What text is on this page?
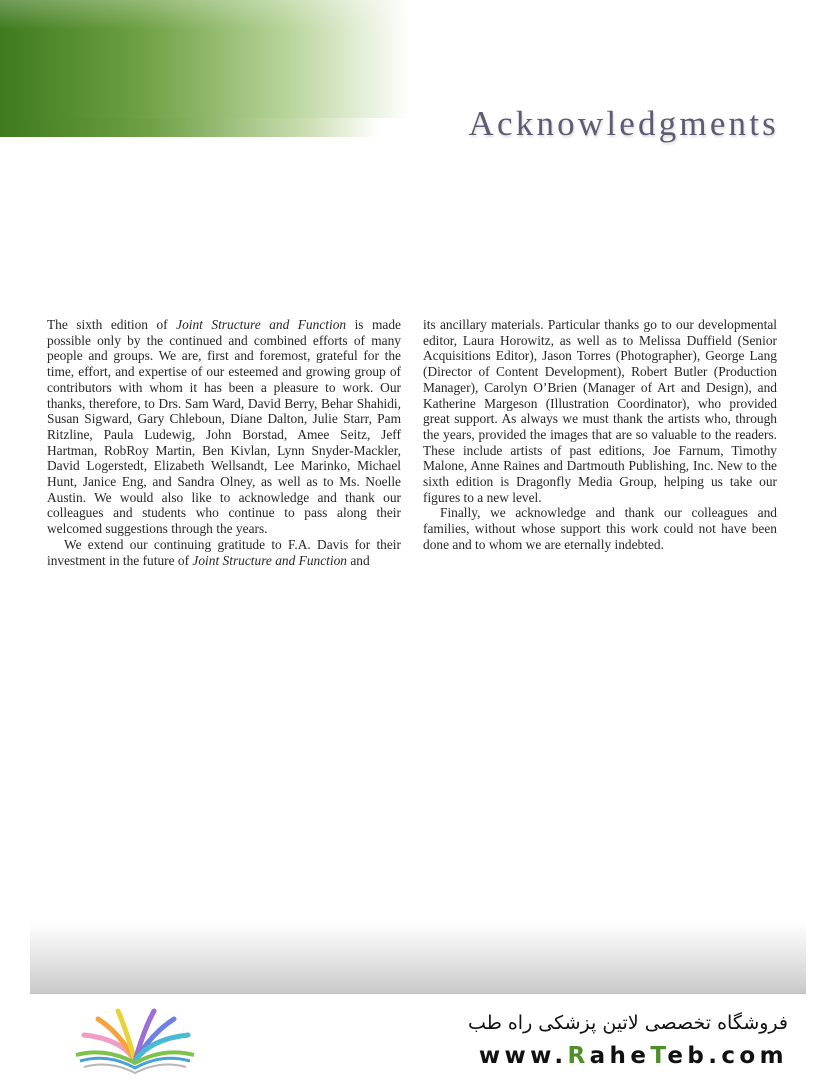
Acknowledgments

The sixth edition of Joint Structure and Function is made possible only by the continued and combined efforts of many people and groups. We are, first and foremost, grateful for the time, effort, and expertise of our esteemed and growing group of contributors with whom it has been a pleasure to work. Our thanks, therefore, to Drs. Sam Ward, David Berry, Behar Shahidi, Susan Sigward, Gary Chleboun, Diane Dalton, Julie Starr, Pam Ritzline, Paula Ludewig, John Borstad, Amee Seitz, Jeff Hartman, RobRoy Martin, Ben Kivlan, Lynn Snyder-Mackler, David Logerstedt, Elizabeth Wellsandt, Lee Marinko, Michael Hunt, Janice Eng, and Sandra Olney, as well as to Ms. Noelle Austin. We would also like to acknowledge and thank our colleagues and students who continue to pass along their welcomed suggestions through the years.

We extend our continuing gratitude to F.A. Davis for their investment in the future of Joint Structure and Function and

its ancillary materials. Particular thanks go to our developmental editor, Laura Horowitz, as well as to Melissa Duffield (Senior Acquisitions Editor), Jason Torres (Photographer), George Lang (Director of Content Development), Robert Butler (Production Manager), Carolyn O’Brien (Manager of Art and Design), and Katherine Margeson (Illustration Coordinator), who provided great support. As always we must thank the artists who, through the years, provided the images that are so valuable to the readers. These include artists of past editions, Joe Farnum, Timothy Malone, Anne Raines and Dartmouth Publishing, Inc. New to the sixth edition is Dragonfly Media Group, helping us take our figures to a new level.

Finally, we acknowledge and thank our colleagues and families, without whose support this work could not have been done and to whom we are eternally indebted.

فروشگاه تخصصی لاتین پزشکی راه طب

www.RaheTeb.com
